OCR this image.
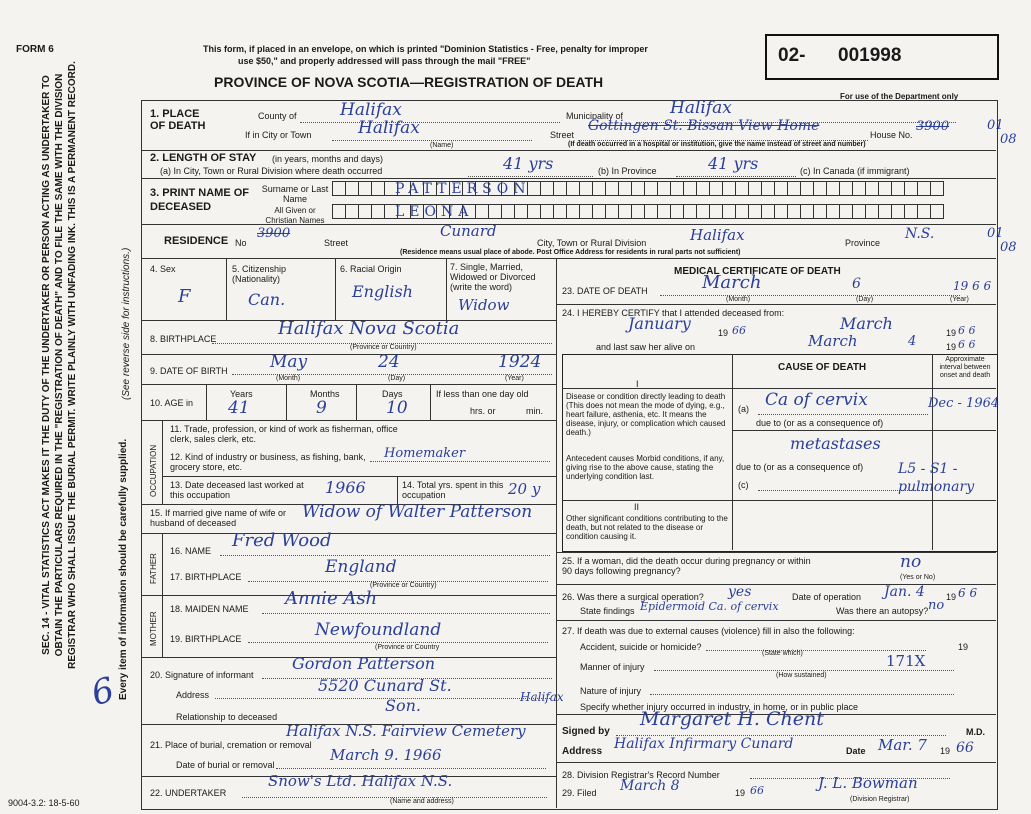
SEC. 14 - VITAL STATISTICS ACT MAKES IT THE DUTY OF THE UNDERTAKER OR PERSON ACTING AS UNDERTAKER TO OBTAIN THE PARTICULARS REQUIRED IN THE "REGISTRATION OF DEATH" AND TO FILE THE SAME WITH THE DIVISION REGISTRAR WHO SHALL ISSUE THE BURIAL PERMIT. WRITE PLAINLY WITH UNFADING INK. THIS IS A PERMANENT RECORD.	(See reverse side for instructions.)
Every item of information should be carefully supplied.
6
9004-3.2: 18-5-60
FORM 6	This form, if placed in an envelope, on which is printed "Dominion Statistics - Free, penalty for improper
use $50," and properly addressed will pass through the mail "FREE"
PROVINCE OF NOVA SCOTIA—REGISTRATION OF DEATH
02- 001998
For use of the Department only
01
08
01
08
1. PLACE OF DEATH
County of	Halifax	Municipality of	Halifax
If in City or Town	Halifax
(Name)
Street
Gottingen St. Bissan View Home
House No.
3900
(If death occurred in a hospital or institution, give the name instead of street and number)
2. LENGTH OF STAY (in years, months and days)
(a) In City, Town or Rural Division where death occurred	41 yrs	(b) In Province	41 yrs	(c) In Canada (if immigrant)
3. PRINT NAME OF DECEASED
Surname or Last Name
All Given or Christian Names
PATTERSON
LEONA
RESIDENCE No
3900
Street
Cunard
City, Town or Rural Division	Halifax	Province
N.S.
(Residence means usual place of abode. Post Office Address for residents in rural parts not sufficient)
4. Sex
F
5. Citizenship (Nationality)
Can.
6. Racial Origin
English
7. Single, Married, Widowed or Divorced (write the word)
Widow
8. BIRTHPLACE	Halifax Nova Scotia
(Province or Country)
9. DATE OF BIRTH May	24	1924
(Month)	(Day)	(Year)
10. AGE in
Years	Months	Days
41	9	10
If less than one day old
hrs. or	min.
OCCUPATION
11. Trade, profession, or kind of work as fisherman, office clerk, sales clerk, etc.
12. Kind of industry or business, as fishing, bank, grocery store, etc.
Homemaker
13. Date deceased last worked at this occupation	1966	14. Total yrs. spent in this occupation	20 y
15. If married give name of wife or husband of deceased
Widow of Walter Patterson
FATHER
16. NAME Fred Wood
17. BIRTHPLACE	England
(Province or Country)
MOTHER
18. MAIDEN NAME Annie Ash
19. BIRTHPLACE	Newfoundland
(Province or Country
20. Signature of informant
Gordon Patterson
Address	5520 Cunard St.
Halifax
Relationship to deceased
Son.
21. Place of burial, cremation or removal
Halifax N.S. Fairview Cemetery
Date of burial or removal
March 9. 1966
22. UNDERTAKER
Snow's Ltd. Halifax N.S.
(Name and address)
MEDICAL CERTIFICATE OF DEATH
23. DATE OF DEATH	March	6	19 6 6
(Month)	(Day)	(Year)
24. I HEREBY CERTIFY that I attended deceased from:
January	19 66	March	19 6 6
and last saw her alive on	March	4	19 6 6
CAUSE OF DEATH
Approximate interval between onset and death
I
Disease or condition directly leading to death (This does not mean the mode of dying, e.g., heart failure, asthenia, etc. It means the disease, injury, or complication which caused death.)
(a) Ca of cervix	Dec - 1964
due to (or as a consequence of)
Antecedent causes Morbid conditions, if any, giving rise to the above cause, stating the underlying condition last.
metastases
due to (or as a consequence of)
(c)
L5 - S1 - pulmonary
II
Other significant conditions contributing to the death, but not related to the disease or condition causing it.
25. If a woman, did the death occur during pregnancy or within 90 days following pregnancy?	no
(Yes or No)
26. Was there a surgical operation? yes	Date of operation Jan. 4 19 6 6
State findings Epidermoid Ca. of cervix	Was there an autopsy? no
27. If death was due to external causes (violence) fill in also the following:
Accident, suicide or homicide?	19
(State which)
Manner of injury	171X
(How sustained)
Nature of injury
Specify whether injury occurred in industry, in home, or in public place
Signed by
Margaret H. Chent
M.D.
Address Halifax Infirmary Cunard	Date Mar. 7 19 66
28. Division Registrar's Record Number
29. Filed March 8	19 66	J. L. Bowman
(Division Registrar)
